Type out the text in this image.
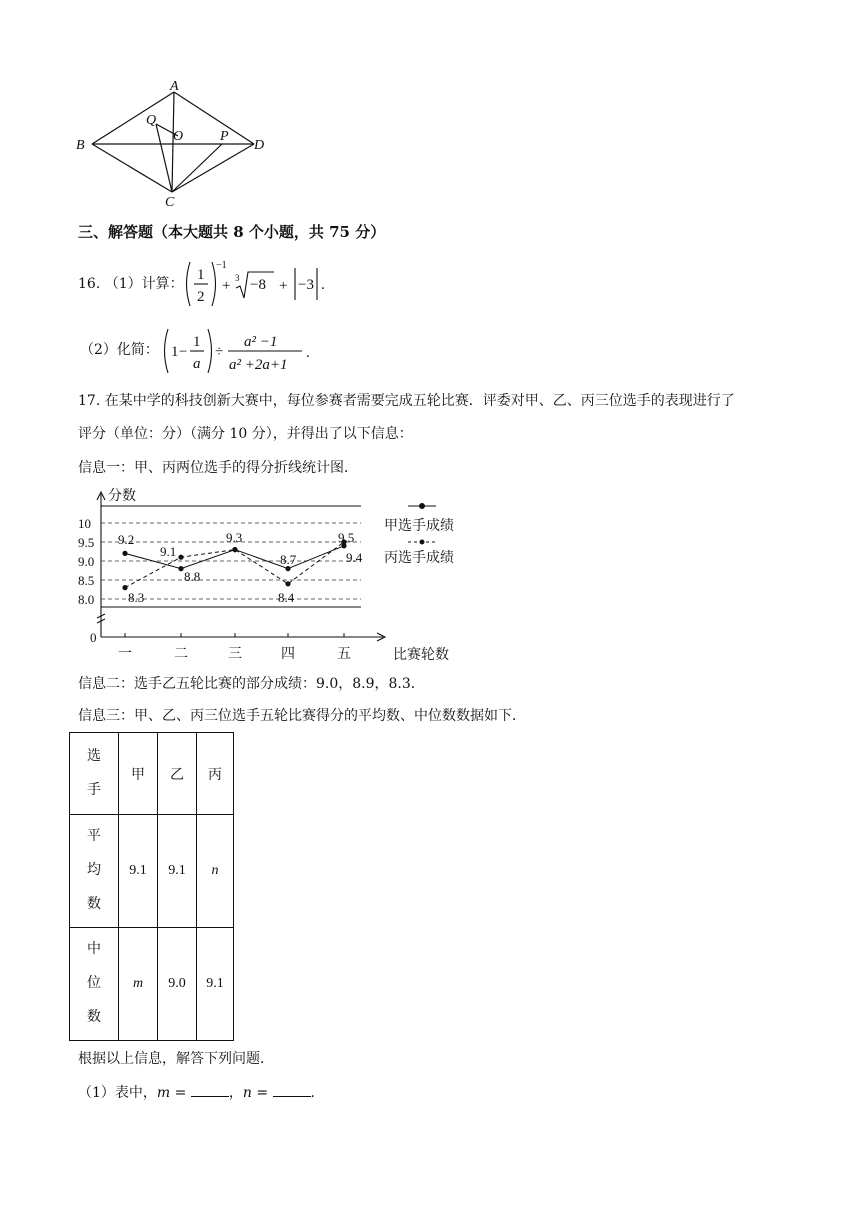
A
B
C
D
O	P
Q
三、解答题（本大题共 8 个小题，共 75 分）
16. （1）计算：
1
2
−1
+ 3 −8 + −3 .
（2）化简： 1 −
1
a
÷
a² −1
a² +2a+1
.
17. 在某中学的科技创新大赛中，每位参赛者需要完成五轮比赛．评委对甲、乙、丙三位选手的表现进行了
评分（单位：分）（满分 10 分），并得出了以下信息：
信息一：甲、丙两位选手的得分折线统计图．
分数
比赛轮数
0
8.0
8.5
9.0
9.5
10
一	二	三	四	五
9.2
8.8
9.3
8.3
9.1
8.4
9.5
8.7	9.4
甲选手成绩
丙选手成绩
信息二：选手乙五轮比赛的部分成绩：9.0，8.9，8.3．
信息三：甲、乙、丙三位选手五轮比赛得分的平均数、中位数数据如下．
选
手	甲	乙	丙
平
均
数	9.1	9.1	n
中
位
数	m	9.0	9.1
根据以上信息，解答下列问题．
（1）表中，m =	，n =	．
